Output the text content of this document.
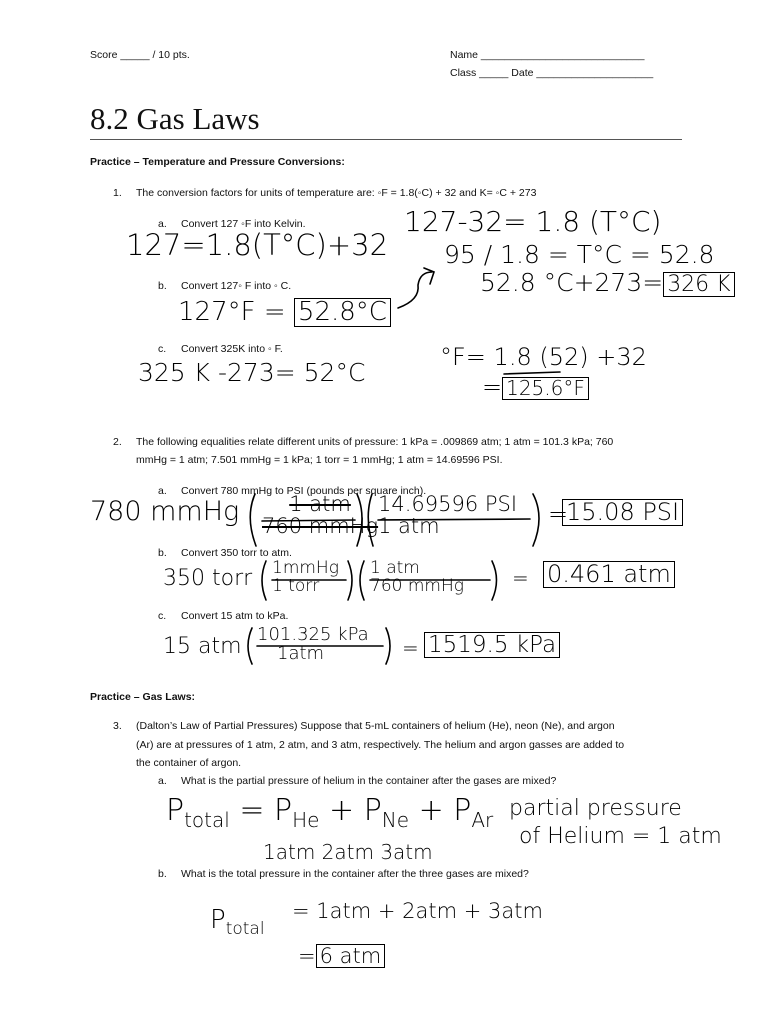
Score _____ / 10 pts.	Name ____________________________
Class _____ Date ____________________
8.2 Gas Laws
Practice – Temperature and Pressure Conversions:
1. The conversion factors for units of temperature are: ◦F = 1.8(◦C) + 32 and K= ◦C + 273
a. Convert 127 ◦F into Kelvin.
b. Convert 127◦ F into ◦ C.
c. Convert 325K into ◦ F.
2. The following equalities relate different units of pressure: 1 kPa = .009869 atm; 1 atm = 101.3 kPa; 760
mmHg = 1 atm; 7.501 mmHg = 1 kPa; 1 torr = 1 mmHg; 1 atm = 14.69596 PSI.
a. Convert 780 mmHg to PSI (pounds per square inch).
b. Convert 350 torr to atm.
c. Convert 15 atm to kPa.
Practice – Gas Laws:
3. (Dalton’s Law of Partial Pressures) Suppose that 5-mL containers of helium (He), neon (Ne), and argon
(Ar) are at pressures of 1 atm, 2 atm, and 3 atm, respectively. The helium and argon gasses are added to
the container of argon.
a. What is the partial pressure of helium in the container after the gases are mixed?
b. What is the total pressure in the container after the three gases are mixed?
127=1.8(T°C)+32
127-32= 1.8 (T°C)
95 / 1.8 = T°C = 52.8
52.8 °C+273= 326 K
127°F = 52.8°C
325 K -273= 52°C
°F= 1.8 (52) +32
= 125.6°F
780 mmHg	1 atm
760 mmHg
14.69596 PSI
1 atm	=
15.08 PSI
350 torr 1mmHg
1 torr
1 atm
760 mmHg = 0.461 atm
15 atm 101.325 kPa
1atm	= 1519.5 kPa
$P_{total} = P_{He} + P_{Ne} + P_{Ar}$
1atm 2atm 3atm
partial pressure
of Helium = 1 atm
$P_{total}$
= 1atm + 2atm + 3atm
= 6 atm
